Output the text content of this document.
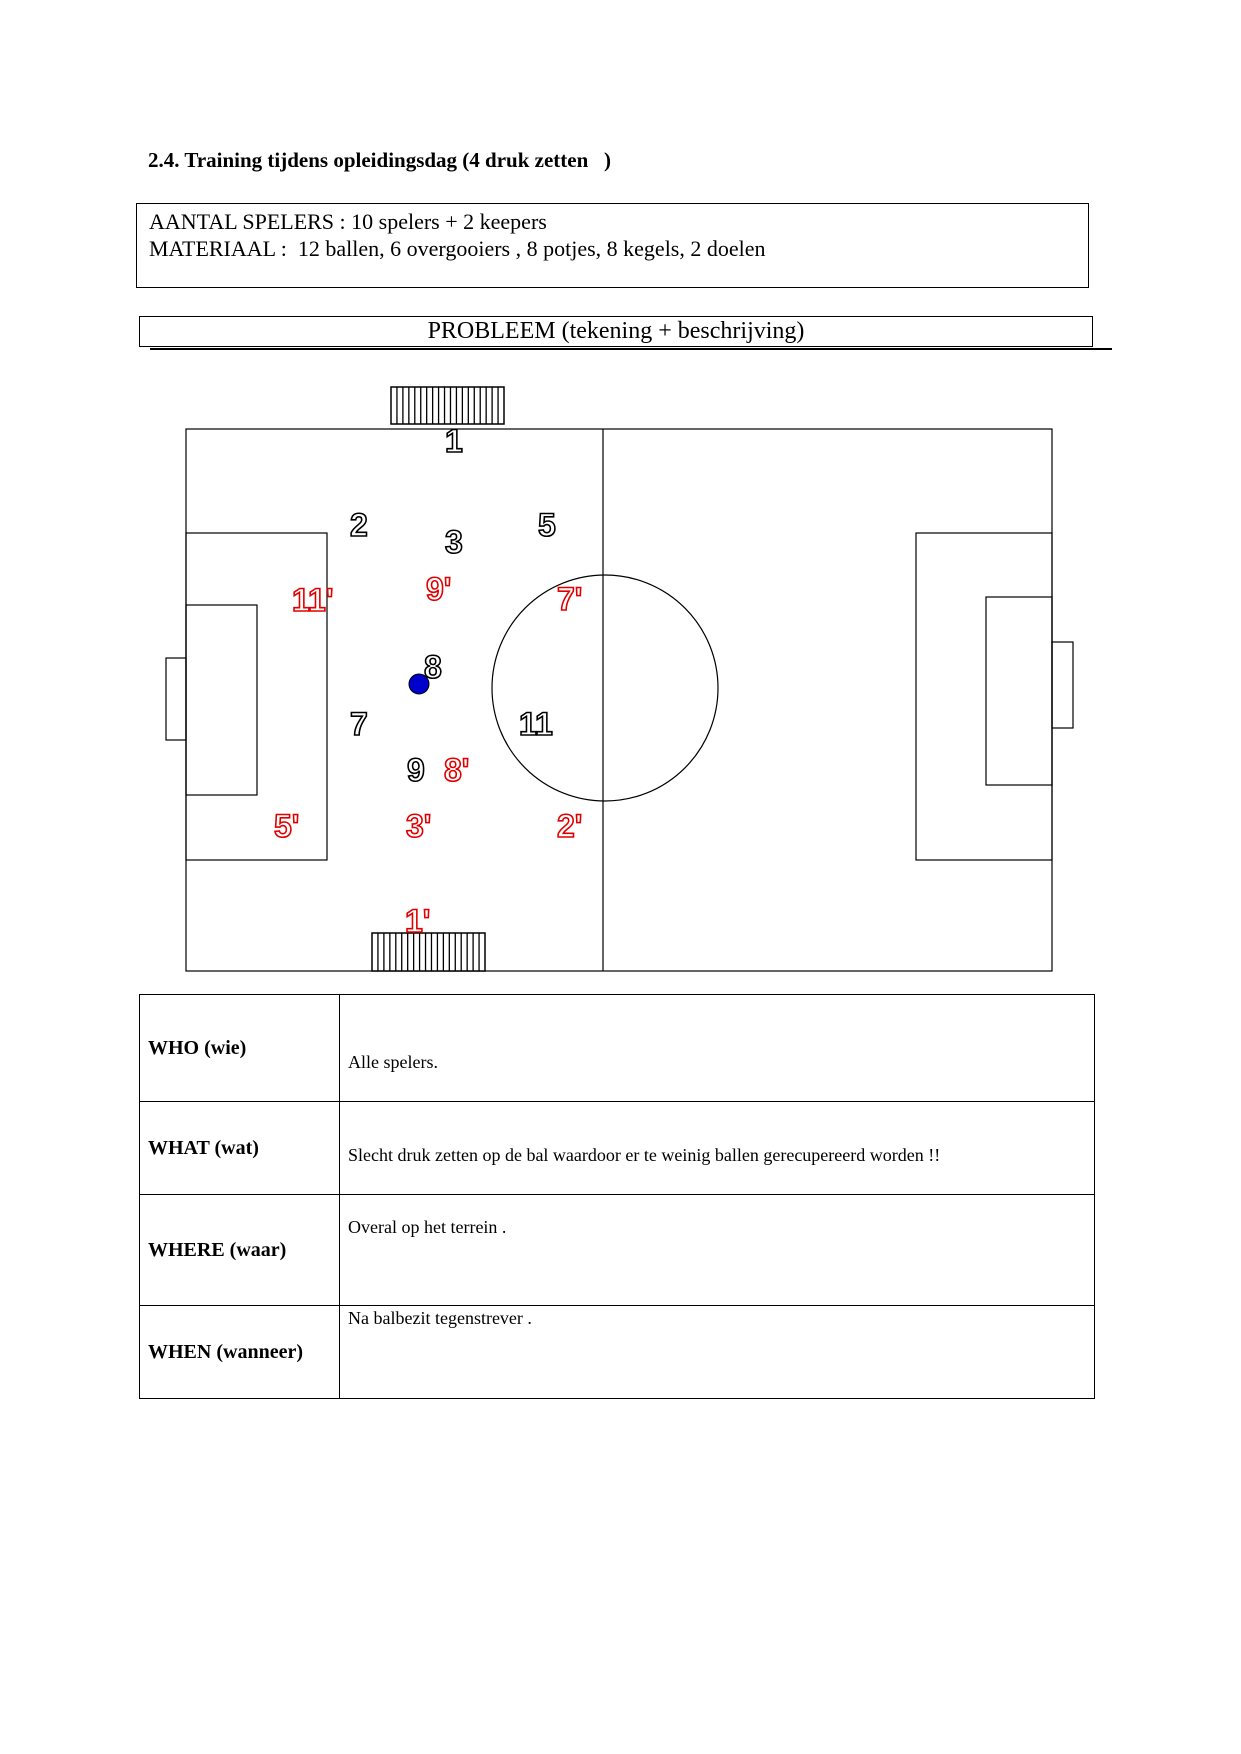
2.4. Training tijdens opleidingsdag (4 druk zetten   )
AANTAL SPELERS : 10 spelers + 2 keepers
MATERIAAL :  12 ballen, 6 overgooiers , 8 potjes, 8 kegels, 2 doelen
PROBLEEM (tekening + beschrijving)
1
2 3 5
8
7	11
9
9'	7'
11'
5'	3'	2'
1'
8'
WHO (wie)	Alle spelers.
WHAT (wat)	Slecht druk zetten op de bal waardoor er te weinig ballen gerecupereerd worden !!
WHERE (waar)	Overal op het terrein .
WHEN (wanneer)	Na balbezit tegenstrever .
